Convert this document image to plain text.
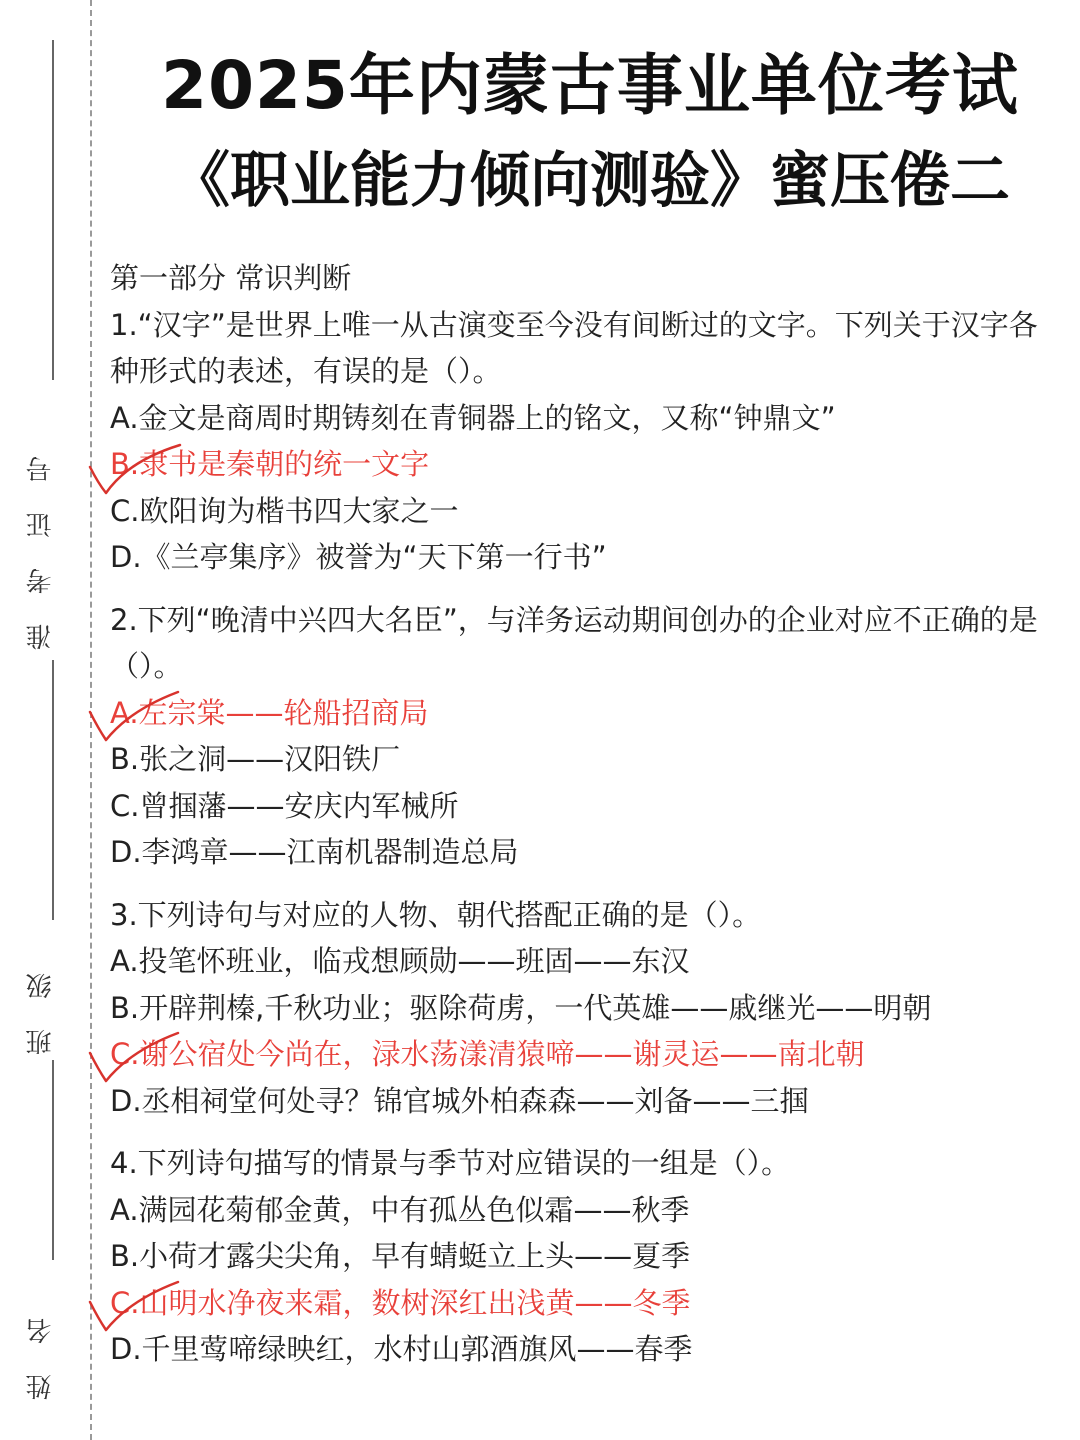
准考证号
班级
姓名
2025年内蒙古事业单位考试
《职业能力倾向测验》蜜压倦二
第一部分 常识判断
1.“汉字”是世界上唯一从古演变至今没有间断过的文字。下列关于汉字各种形式的表述，有误的是（）。
A.金文是商周时期铸刻在青铜器上的铭文，又称“钟鼎文”
B.隶书是秦朝的统一文字
C.欧阳询为楷书四大家之一
D.《兰亭集序》被誉为“天下第一行书”
2.下列“晚清中兴四大名臣”，与洋务运动期间创办的企业对应不正确的是（）。
A.左宗棠——轮船招商局
B.张之洞——汉阳铁厂
C.曾掴藩——安庆内军械所
D.李鸿章——江南机器制造总局
3.下列诗句与对应的人物、朝代搭配正确的是（）。
A.投笔怀班业，临戎想顾勋——班固——东汉
B.开辟荆榛,千秋功业；驱除荷虏，一代英雄——戚继光——明朝
C.谢公宿处今尚在，渌水荡漾清猿啼——谢灵运——南北朝
D.丞相祠堂何处寻？锦官城外柏森森——刘备——三掴
4.下列诗句描写的情景与季节对应错误的一组是（）。
A.满园花菊郁金黄，中有孤丛色似霜——秋季
B.小荷才露尖尖角，早有蜻蜓立上头——夏季
C.山明水净夜来霜，数树深红出浅黄——冬季
D.千里莺啼绿映红，水村山郭酒旗风——春季
